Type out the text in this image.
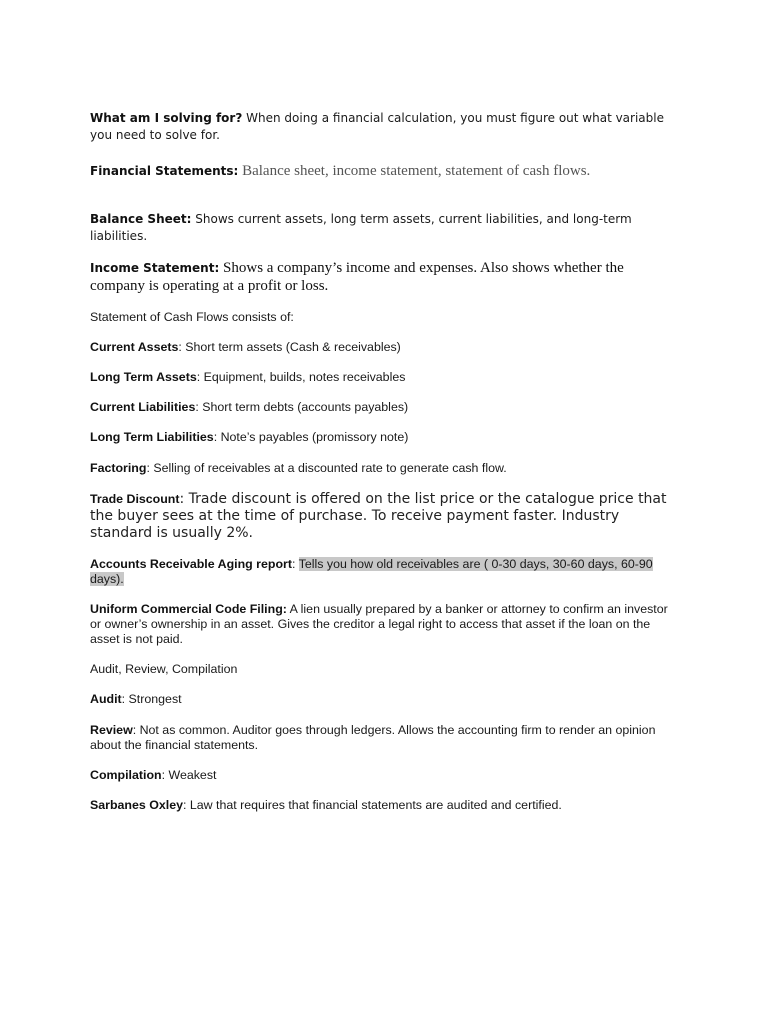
What am I solving for? When doing a financial calculation, you must figure out what variable you need to solve for.

Financial Statements: Balance sheet, income statement, statement of cash flows.

Balance Sheet: Shows current assets, long term assets, current liabilities, and long-term liabilities.

Income Statement: Shows a company’s income and expenses. Also shows whether the company is operating at a profit or loss.

Statement of Cash Flows consists of:

Current Assets: Short term assets (Cash & receivables)

Long Term Assets: Equipment, builds, notes receivables

Current Liabilities: Short term debts (accounts payables)

Long Term Liabilities: Note’s payables (promissory note)

Factoring: Selling of receivables at a discounted rate to generate cash flow.

Trade Discount: Trade discount is offered on the list price or the catalogue price that the buyer sees at the time of purchase. To receive payment faster. Industry standard is usually 2%.

Accounts Receivable Aging report: Tells you how old receivables are ( 0-30 days, 30-60 days, 60-90 days).

Uniform Commercial Code Filing: A lien usually prepared by a banker or attorney to confirm an investor or owner’s ownership in an asset. Gives the creditor a legal right to access that asset if the loan on the asset is not paid.

Audit, Review, Compilation

Audit: Strongest

Review: Not as common. Auditor goes through ledgers. Allows the accounting firm to render an opinion about the financial statements.

Compilation: Weakest

Sarbanes Oxley: Law that requires that financial statements are audited and certified.
